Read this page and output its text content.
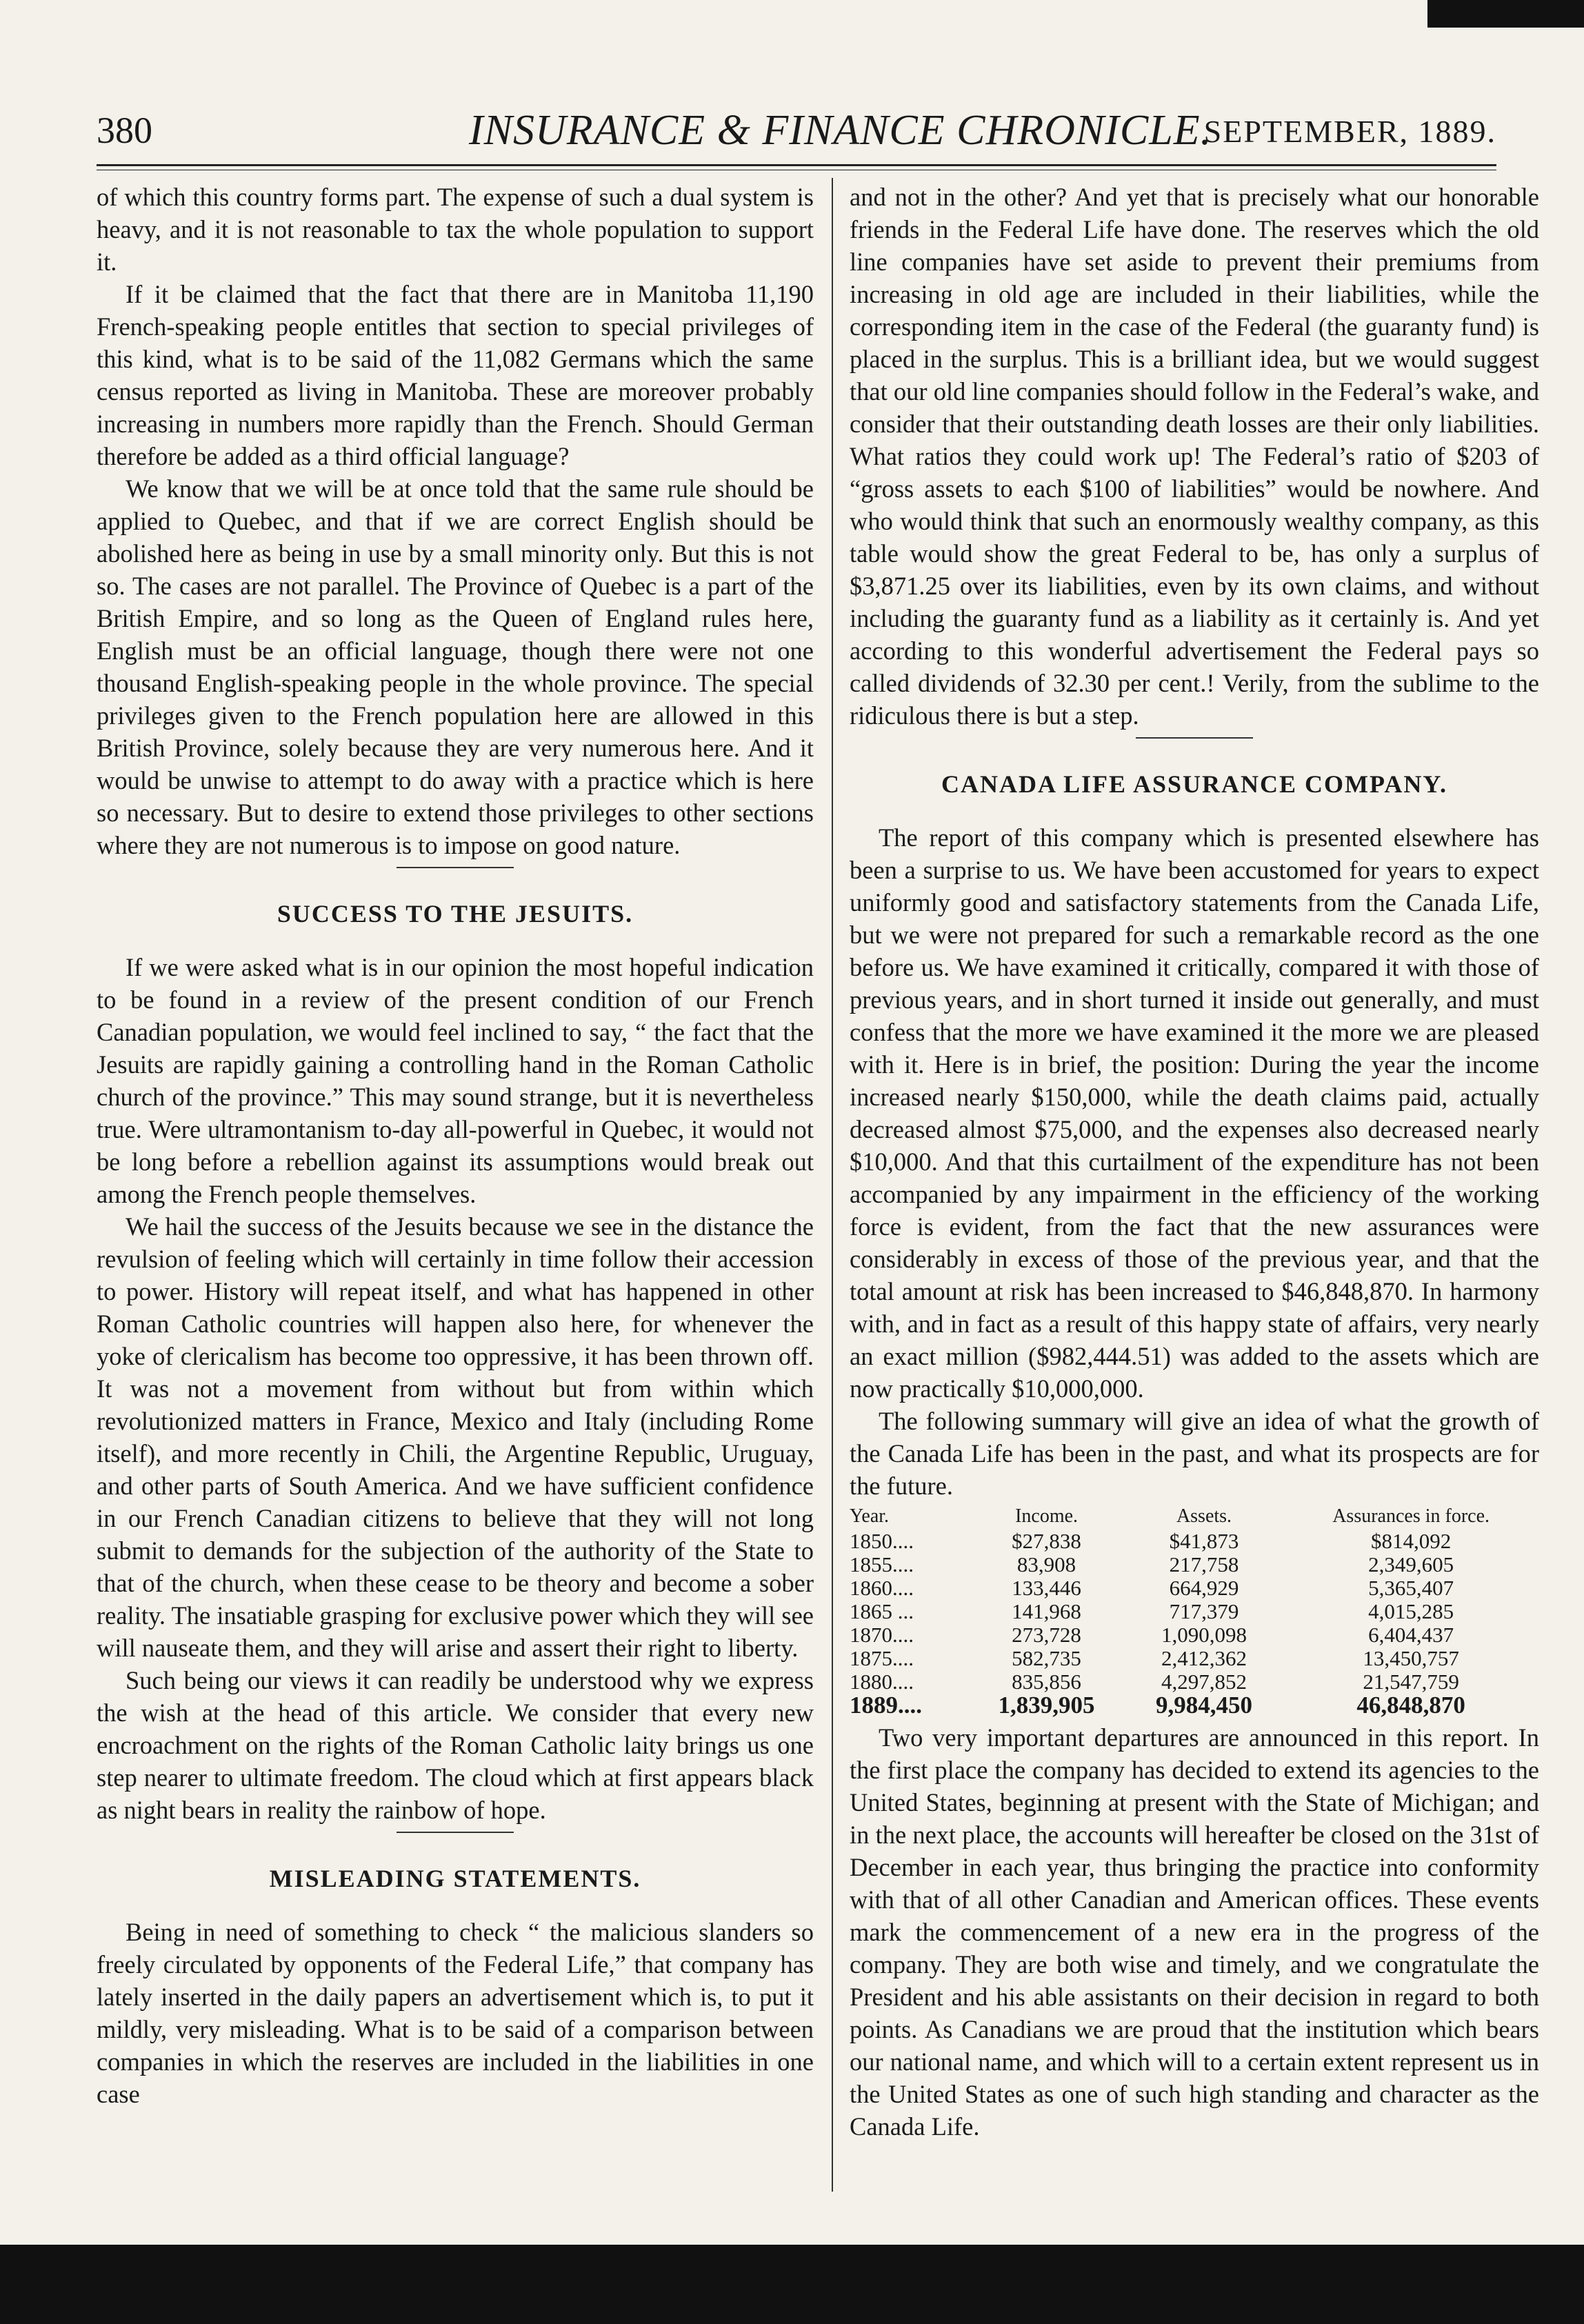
380	INSURANCE & FINANCE CHRONICLE.
SEPTEMBER, 1889.

of which this country forms part. The expense of such a dual system is heavy, and it is not reasonable to tax the whole population to support it.

If it be claimed that the fact that there are in Manitoba 11,190 French-speaking people entitles that section to special privileges of this kind, what is to be said of the 11,082 Germans which the same census reported as living in Manitoba. These are moreover probably increasing in numbers more rapidly than the French. Should German therefore be added as a third official language?

We know that we will be at once told that the same rule should be applied to Quebec, and that if we are correct English should be abolished here as being in use by a small minority only. But this is not so. The cases are not parallel. The Province of Quebec is a part of the British Empire, and so long as the Queen of England rules here, English must be an official language, though there were not one thousand English-speaking people in the whole province. The special privileges given to the French population here are allowed in this British Province, solely because they are very numerous here. And it would be unwise to attempt to do away with a practice which is here so necessary. But to desire to extend those privileges to other sections where they are not numerous is to impose on good nature.

SUCCESS TO THE JESUITS.

If we were asked what is in our opinion the most hopeful indication to be found in a review of the present condition of our French Canadian population, we would feel inclined to say, “ the fact that the Jesuits are rapidly gaining a controlling hand in the Roman Catholic church of the province.” This may sound strange, but it is nevertheless true. Were ultramontanism to-day all-powerful in Quebec, it would not be long before a rebellion against its assumptions would break out among the French people themselves.

We hail the success of the Jesuits because we see in the distance the revulsion of feeling which will certainly in time follow their accession to power. History will repeat itself, and what has happened in other Roman Catholic countries will happen also here, for whenever the yoke of clericalism has become too oppressive, it has been thrown off. It was not a movement from without but from within which revolutionized matters in France, Mexico and Italy (including Rome itself), and more recently in Chili, the Argentine Republic, Uruguay, and other parts of South America. And we have sufficient confidence in our French Canadian citizens to believe that they will not long submit to demands for the subjection of the authority of the State to that of the church, when these cease to be theory and become a sober reality. The insatiable grasping for exclusive power which they will see will nauseate them, and they will arise and assert their right to liberty.

Such being our views it can readily be understood why we express the wish at the head of this article. We consider that every new encroachment on the rights of the Roman Catholic laity brings us one step nearer to ultimate freedom. The cloud which at first appears black as night bears in reality the rainbow of hope.

MISLEADING STATEMENTS.

Being in need of something to check “ the malicious slanders so freely circulated by opponents of the Federal Life,” that company has lately inserted in the daily papers an advertisement which is, to put it mildly, very misleading. What is to be said of a comparison between companies in which the reserves are included in the liabilities in one case

and not in the other? And yet that is precisely what our honorable friends in the Federal Life have done. The reserves which the old line companies have set aside to prevent their premiums from increasing in old age are included in their liabilities, while the corresponding item in the case of the Federal (the guaranty fund) is placed in the surplus. This is a brilliant idea, but we would suggest that our old line companies should follow in the Federal’s wake, and consider that their outstanding death losses are their only liabilities. What ratios they could work up! The Federal’s ratio of $203 of “gross assets to each $100 of liabilities” would be nowhere. And who would think that such an enormously wealthy company, as this table would show the great Federal to be, has only a surplus of $3,871.25 over its liabilities, even by its own claims, and without including the guaranty fund as a liability as it certainly is. And yet according to this wonderful advertisement the Federal pays so called dividends of 32.30 per cent.! Verily, from the sublime to the ridiculous there is but a step.

CANADA LIFE ASSURANCE COMPANY.

The report of this company which is presented elsewhere has been a surprise to us. We have been accustomed for years to expect uniformly good and satisfactory statements from the Canada Life, but we were not prepared for such a remarkable record as the one before us. We have examined it critically, compared it with those of previous years, and in short turned it inside out generally, and must confess that the more we have examined it the more we are pleased with it. Here is in brief, the position: During the year the income increased nearly $150,000, while the death claims paid, actually decreased almost $75,000, and the expenses also decreased nearly $10,000. And that this curtailment of the expenditure has not been accompanied by any impairment in the efficiency of the working force is evident, from the fact that the new assurances were considerably in excess of those of the previous year, and that the total amount at risk has been increased to $46,848,870. In harmony with, and in fact as a result of this happy state of affairs, very nearly an exact million ($982,444.51) was added to the assets which are now practically $10,000,000.

The following summary will give an idea of what the growth of the Canada Life has been in the past, and what its prospects are for the future.

Year.	Income.	Assets.	Assurances in force.
1850....	$27,838	$41,873	$814,092
1855....	83,908	217,758	2,349,605
1860....	133,446	664,929	5,365,407
1865 ...	141,968	717,379	4,015,285
1870....	273,728	1,090,098	6,404,437
1875....	582,735	2,412,362	13,450,757
1880....	835,856	4,297,852	21,547,759
1889....	1,839,905	9,984,450	46,848,870

Two very important departures are announced in this report. In the first place the company has decided to extend its agencies to the United States, beginning at present with the State of Michigan; and in the next place, the accounts will hereafter be closed on the 31st of December in each year, thus bringing the practice into conformity with that of all other Canadian and American offices. These events mark the commencement of a new era in the progress of the company. They are both wise and timely, and we congratulate the President and his able assistants on their decision in regard to both points. As Canadians we are proud that the institution which bears our national name, and which will to a certain extent represent us in the United States as one of such high standing and character as the Canada Life.
